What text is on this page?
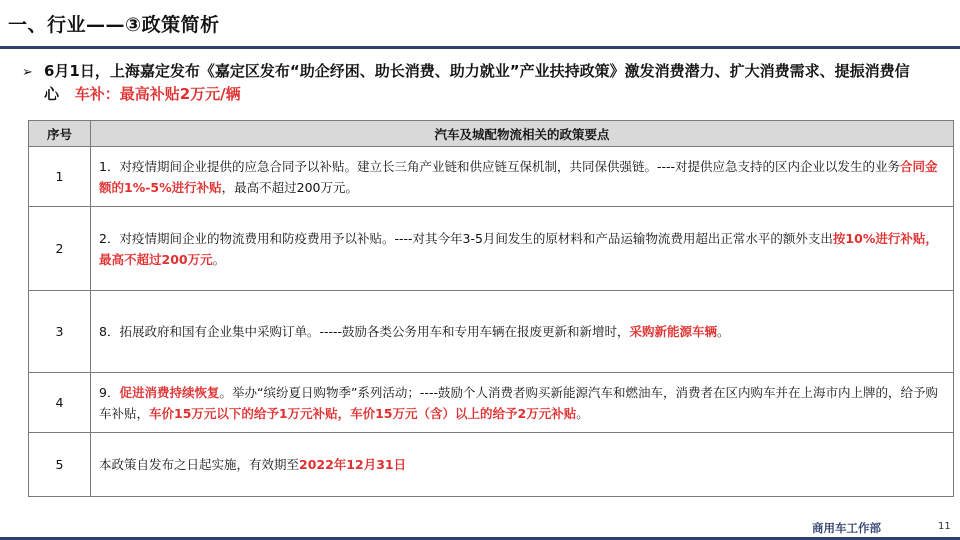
一、行业——③政策简析
➢ 6月1日，上海嘉定发布《嘉定区发布“助企纾困、助长消费、助力就业”产业扶持政策》激发消费潜力、扩大消费需求、提振消费信心 车补：最高补贴2万元/辆
序号	汽车及城配物流相关的政策要点
1	1．对疫情期间企业提供的应急合同予以补贴。建立长三角产业链和供应链互保机制，共同保供强链。----对提供应急支持的区内企业以发生的业务合同金额的1%-5%进行补贴，最高不超过200万元。
2	2．对疫情期间企业的物流费用和防疫费用予以补贴。----对其今年3-5月间发生的原材料和产品运输物流费用超出正常水平的额外支出按10%进行补贴，最高不超过200万元。
3	8．拓展政府和国有企业集中采购订单。-----鼓励各类公务用车和专用车辆在报废更新和新增时，采购新能源车辆。
4	9．促进消费持续恢复。举办“缤纷夏日购物季”系列活动；----鼓励个人消费者购买新能源汽车和燃油车，消费者在区内购车并在上海市内上牌的，给予购车补贴，车价15万元以下的给予1万元补贴，车价15万元（含）以上的给予2万元补贴。
5	本政策自发布之日起实施，有效期至2022年12月31日
商用车工作部	11
